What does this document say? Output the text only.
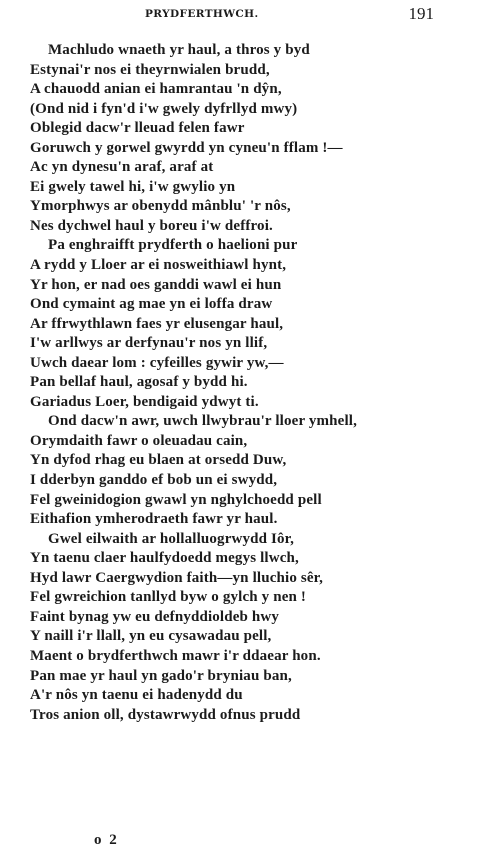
PRYDFERTHWCH.	191
Machludo wnaeth yr haul, a thros y byd
Estynai'r nos ei theyrnwialen brudd,
A chauodd anian ei hamrantau 'n dŷn,
(Ond nid i fyn'd i'w gwely dyfrllyd mwy)
Oblegid dacw'r lleuad felen fawr
Goruwch y gorwel gwyrdd yn cyneu'n fflam !—
Ac yn dynesu'n araf, araf at
Ei gwely tawel hi, i'w gwylio yn
Ymorphwys ar obenydd mânblu' 'r nôs,
Nes dychwel haul y boreu i'w deffroi.
Pa enghraifft prydferth o haelioni pur
A rydd y Lloer ar ei nosweithiawl hynt,
Yr hon, er nad oes ganddi wawl ei hun
Ond cymaint ag mae yn ei loffa draw
Ar ffrwythlawn faes yr elusengar haul,
I'w arllwys ar derfynau'r nos yn llif,
Uwch daear lom : cyfeilles gywir yw,—
Pan bellaf haul, agosaf y bydd hi.
Gariadus Loer, bendigaid ydwyt ti.
Ond dacw'n awr, uwch llwybrau'r lloer ymhell,
Orymdaith fawr o oleuadau cain,
Yn dyfod rhag eu blaen at orsedd Duw,
I dderbyn ganddo ef bob un ei swydd,
Fel gweinidogion gwawl yn nghylchoedd pell
Eithafion ymherodraeth fawr yr haul.
Gwel eilwaith ar hollalluogrwydd Iôr,
Yn taenu claer haulfydoedd megys llwch,
Hyd lawr Caergwydion faith—yn lluchio sêr,
Fel gwreichion tanllyd byw o gylch y nen !
Faint bynag yw eu defnyddioldeb hwy
Y naill i'r llall, yn eu cysawadau pell,
Maent o brydferthwch mawr i'r ddaear hon.
Pan mae yr haul yn gado'r bryniau ban,
A'r nôs yn taenu ei hadenydd du
Tros anion oll, dystawrwydd ofnus prudd
o 2
